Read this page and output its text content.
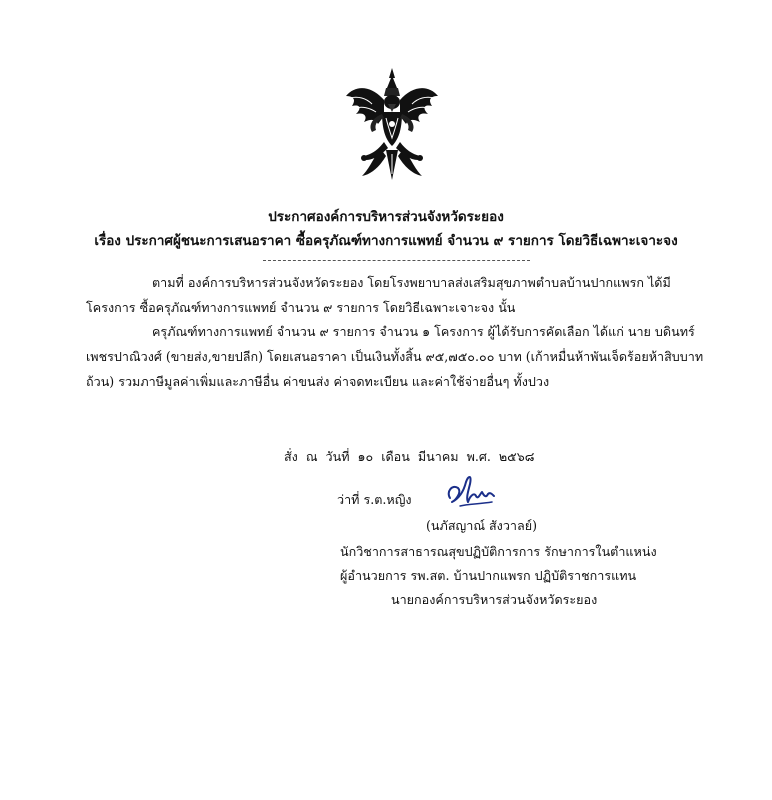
ประกาศองค์การบริหารส่วนจังหวัดระยอง
เรื่อง ประกาศผู้ชนะการเสนอราคา ซื้อครุภัณฑ์ทางการแพทย์ จำนวน ๙ รายการ โดยวิธีเฉพาะเจาะจง
ตามที่ องค์การบริหารส่วนจังหวัดระยอง โดยโรงพยาบาลส่งเสริมสุขภาพตำบลบ้านปากแพรก ได้มี
โครงการ ซื้อครุภัณฑ์ทางการแพทย์ จำนวน ๙ รายการ โดยวิธีเฉพาะเจาะจง นั้น
ครุภัณฑ์ทางการแพทย์ จำนวน ๙ รายการ จำนวน ๑ โครงการ ผู้ได้รับการคัดเลือก ได้แก่ นาย บดินทร์
เพชรปาณิวงศ์ (ขายส่ง,ขายปลีก) โดยเสนอราคา เป็นเงินทั้งสิ้น ๙๕,๗๕๐.๐๐ บาท (เก้าหมื่นห้าพันเจ็ดร้อยห้าสิบบาท
ถ้วน) รวมภาษีมูลค่าเพิ่มและภาษีอื่น ค่าขนส่ง ค่าจดทะเบียน และค่าใช้จ่ายอื่นๆ ทั้งปวง
สั่ง ณ วันที่ ๑๐ เดือน มีนาคม พ.ศ. ๒๕๖๘
ว่าที่ ร.ต.หญิง
(นภัสญาณ์ สังวาลย์)
นักวิชาการสาธารณสุขปฏิบัติการการ รักษาการในตำแหน่ง
ผู้อำนวยการ รพ.สต. บ้านปากแพรก ปฏิบัติราชการแทน
นายกองค์การบริหารส่วนจังหวัดระยอง
